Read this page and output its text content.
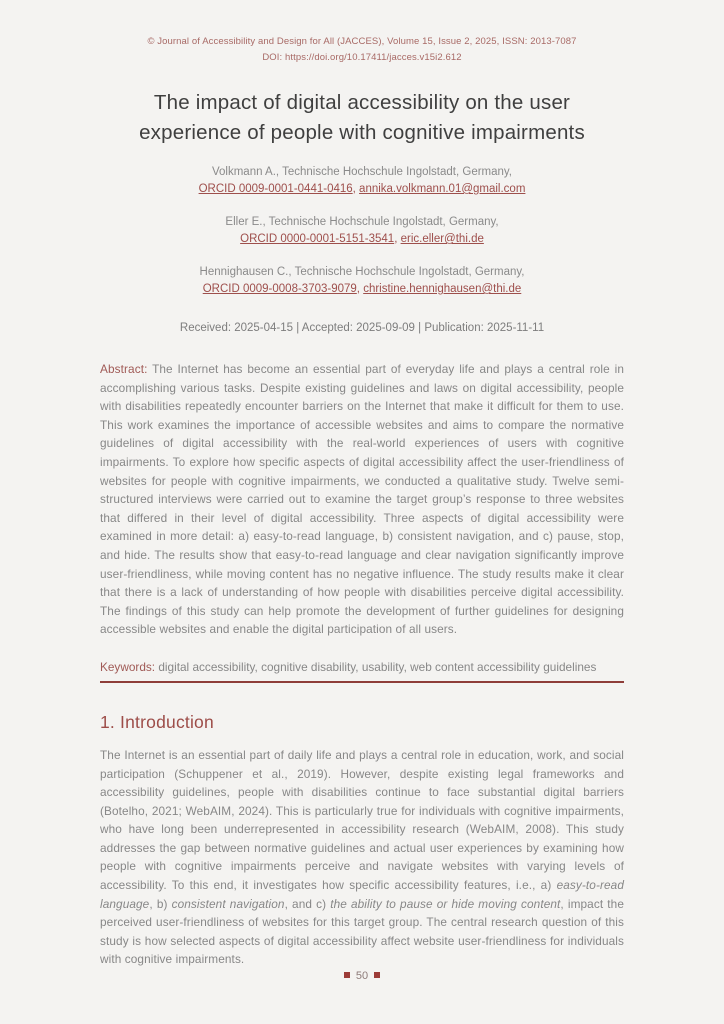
© Journal of Accessibility and Design for All (JACCES), Volume 15, Issue 2, 2025, ISSN: 2013-7087
DOI: https://doi.org/10.17411/jacces.v15i2.612
The impact of digital accessibility on the user experience of people with cognitive impairments
Volkmann A., Technische Hochschule Ingolstadt, Germany,
ORCID 0009-0001-0441-0416, annika.volkmann.01@gmail.com
Eller E., Technische Hochschule Ingolstadt, Germany,
ORCID 0000-0001-5151-3541, eric.eller@thi.de
Hennighausen C., Technische Hochschule Ingolstadt, Germany,
ORCID 0009-0008-3703-9079, christine.hennighausen@thi.de
Received: 2025-04-15 | Accepted: 2025-09-09 | Publication: 2025-11-11

Abstract: The Internet has become an essential part of everyday life and plays a central role in accomplishing various tasks. Despite existing guidelines and laws on digital accessibility, people with disabilities repeatedly encounter barriers on the Internet that make it difficult for them to use. This work examines the importance of accessible websites and aims to compare the normative guidelines of digital accessibility with the real-world experiences of users with cognitive impairments. To explore how specific aspects of digital accessibility affect the user-friendliness of websites for people with cognitive impairments, we conducted a qualitative study. Twelve semi-structured interviews were carried out to examine the target group’s response to three websites that differed in their level of digital accessibility. Three aspects of digital accessibility were examined in more detail: a) easy-to-read language, b) consistent navigation, and c) pause, stop, and hide. The results show that easy-to-read language and clear navigation significantly improve user-friendliness, while moving content has no negative influence. The study results make it clear that there is a lack of understanding of how people with disabilities perceive digital accessibility. The findings of this study can help promote the development of further guidelines for designing accessible websites and enable the digital participation of all users.

Keywords: digital accessibility, cognitive disability, usability, web content accessibility guidelines

1. Introduction

The Internet is an essential part of daily life and plays a central role in education, work, and social participation (Schuppener et al., 2019). However, despite existing legal frameworks and accessibility guidelines, people with disabilities continue to face substantial digital barriers (Botelho, 2021; WebAIM, 2024). This is particularly true for individuals with cognitive impairments, who have long been underrepresented in accessibility research (WebAIM, 2008). This study addresses the gap between normative guidelines and actual user experiences by examining how people with cognitive impairments perceive and navigate websites with varying levels of accessibility. To this end, it investigates how specific accessibility features, i.e., a) easy-to-read language, b) consistent navigation, and c) the ability to pause or hide moving content, impact the perceived user-friendliness of websites for this target group. The central research question of this study is how selected aspects of digital accessibility affect website user-friendliness for individuals with cognitive impairments.

50
